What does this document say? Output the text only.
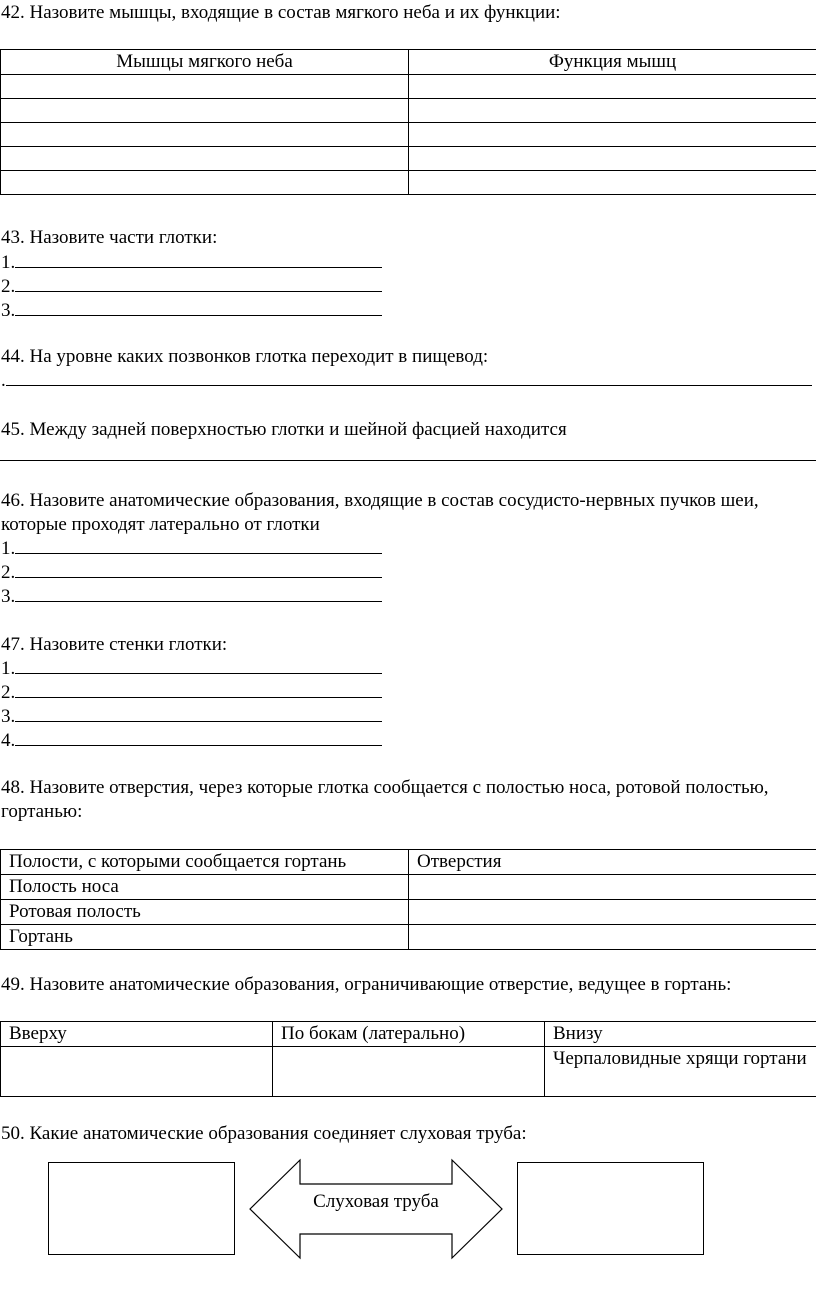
42. Назовите мышцы, входящие в состав мягкого неба и их функции:
Мышцы мягкого неба	Функция мышц

43. Назовите части глотки:
1.
2.
3.
44. На уровне каких позвонков глотка переходит в пищевод:
.
45. Между задней поверхностью глотки и шейной фасцией находится
46. Назовите анатомические образования, входящие в состав сосудисто-нервных пучков шеи, которые проходят латерально от глотки
1.
2.
3.
47. Назовите стенки глотки:
1.
2.
3.
4.
48. Назовите отверстия, через которые глотка сообщается с полостью носа, ротовой полостью, гортанью:
Полости, с которыми сообщается гортань	Отверстия
Полость носа	
Ротовая полость	
Гортань	
49. Назовите анатомические образования, ограничивающие отверстие, ведущее в гортань:
Вверху	По бокам (латерально)	Внизу
		Черпаловидные хрящи гортани
50. Какие анатомические образования соединяет слуховая труба:
Слуховая труба
